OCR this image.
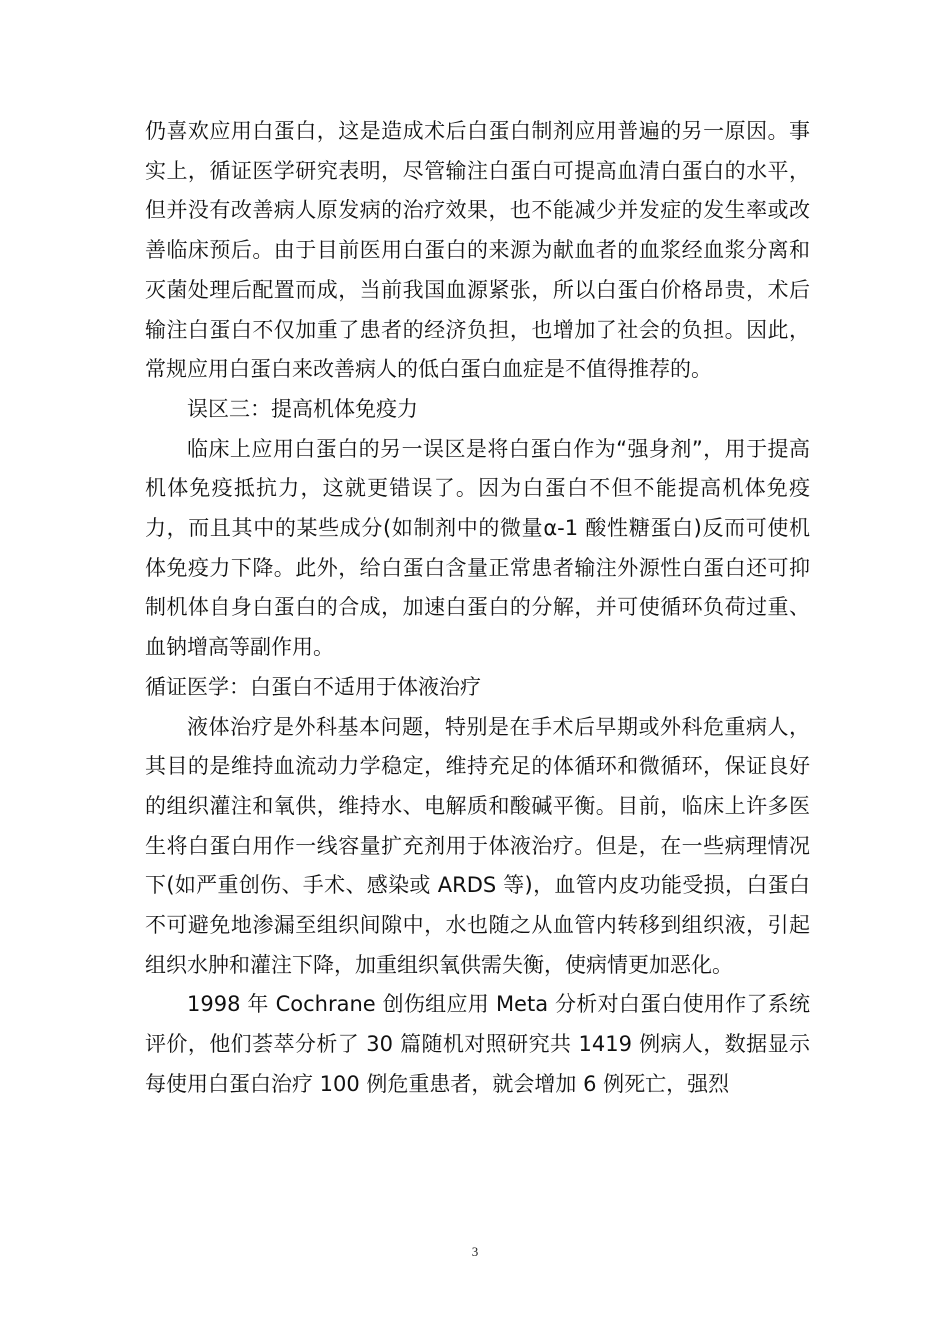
仍喜欢应用白蛋白，这是造成术后白蛋白制剂应用普遍的另一原因。事实上，循证医学研究表明，尽管输注白蛋白可提高血清白蛋白的水平，但并没有改善病人原发病的治疗效果，也不能减少并发症的发生率或改善临床预后。由于目前医用白蛋白的来源为献血者的血浆经血浆分离和灭菌处理后配置而成，当前我国血源紧张，所以白蛋白价格昂贵，术后输注白蛋白不仅加重了患者的经济负担，也增加了社会的负担。因此，常规应用白蛋白来改善病人的低白蛋白血症是不值得推荐的。

误区三：提高机体免疫力

临床上应用白蛋白的另一误区是将白蛋白作为“强身剂”，用于提高机体免疫抵抗力，这就更错误了。因为白蛋白不但不能提高机体免疫力，而且其中的某些成分(如制剂中的微量α-1 酸性糖蛋白)反而可使机体免疫力下降。此外，给白蛋白含量正常患者输注外源性白蛋白还可抑制机体自身白蛋白的合成，加速白蛋白的分解，并可使循环负荷过重、血钠增高等副作用。

循证医学：白蛋白不适用于体液治疗

液体治疗是外科基本问题，特别是在手术后早期或外科危重病人，其目的是维持血流动力学稳定，维持充足的体循环和微循环，保证良好的组织灌注和氧供，维持水、电解质和酸碱平衡。目前，临床上许多医生将白蛋白用作一线容量扩充剂用于体液治疗。但是，在一些病理情况下(如严重创伤、手术、感染或 ARDS 等)，血管内皮功能受损，白蛋白不可避免地渗漏至组织间隙中，水也随之从血管内转移到组织液，引起组织水肿和灌注下降，加重组织氧供需失衡，使病情更加恶化。

1998 年 Cochrane 创伤组应用 Meta 分析对白蛋白使用作了系统评价，他们荟萃分析了 30 篇随机对照研究共 1419 例病人，数据显示每使用白蛋白治疗 100 例危重患者，就会增加 6 例死亡，强烈

3
